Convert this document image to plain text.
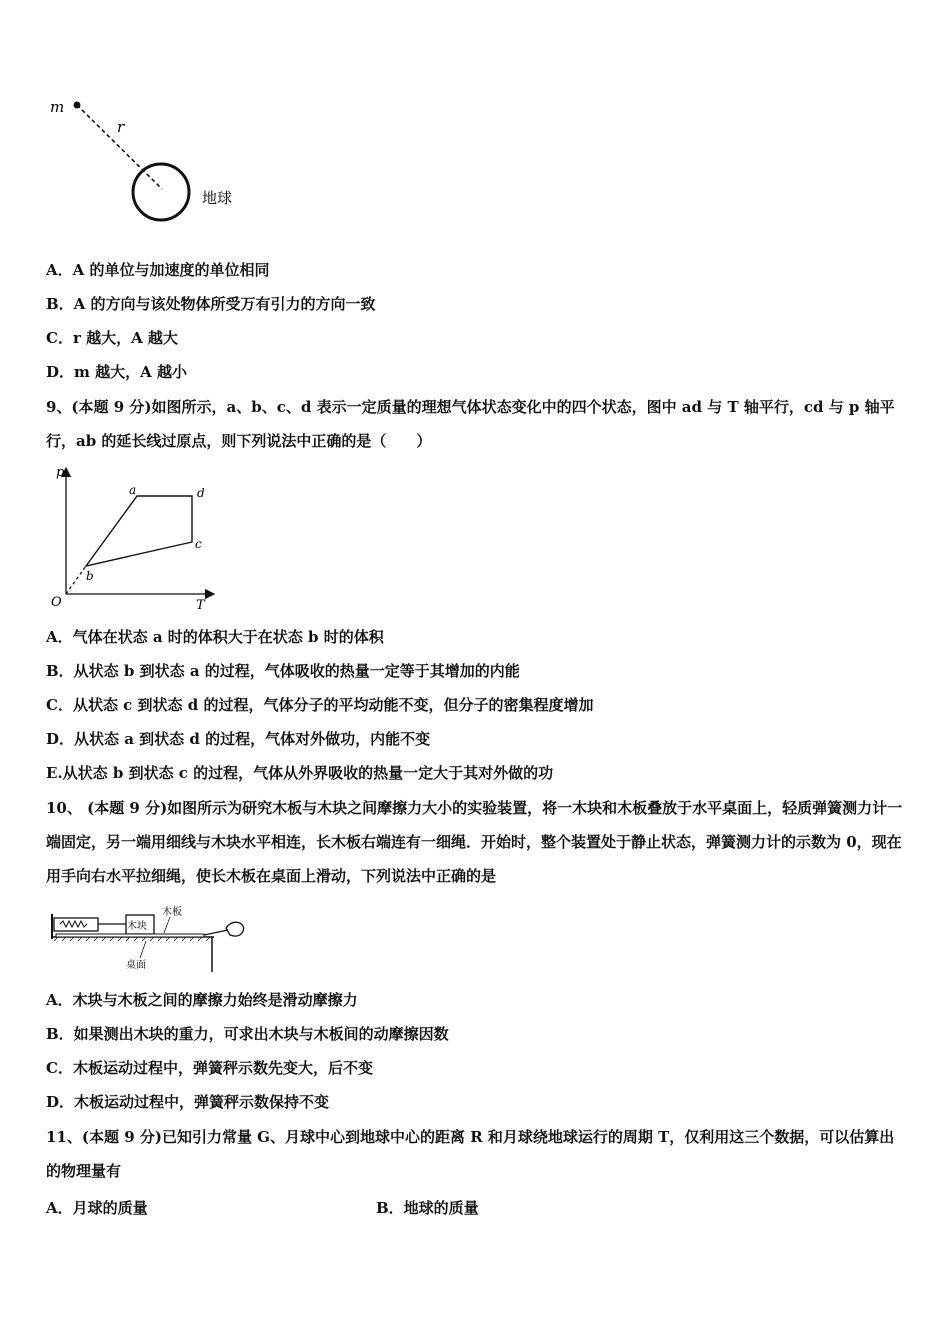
m
r
地球
A．A 的单位与加速度的单位相同
B．A 的方向与该处物体所受万有引力的方向一致
C．r 越大，A 越大
D．m 越大，A 越小
9、(本题 9 分)如图所示，a、b、c、d 表示一定质量的理想气体状态变化中的四个状态，图中 ad 与 T 轴平行，cd 与 p 轴平行，ab 的延长线过原点，则下列说法中正确的是（　　）
p
T
O
a
b
c
d
A．气体在状态 a 时的体积大于在状态 b 时的体积
B．从状态 b 到状态 a 的过程，气体吸收的热量一定等于其增加的内能
C．从状态 c 到状态 d 的过程，气体分子的平均动能不变，但分子的密集程度增加
D．从状态 a 到状态 d 的过程，气体对外做功，内能不变
E.从状态 b 到状态 c 的过程，气体从外界吸收的热量一定大于其对外做的功
10、 (本题 9 分)如图所示为研究木板与木块之间摩擦力大小的实验装置，将一木块和木板叠放于水平桌面上，轻质弹簧测力计一端固定，另一端用细线与木块水平相连，长木板右端连有一细绳．开始时，整个装置处于静止状态，弹簧测力计的示数为 0，现在用手向右水平拉细绳，使长木板在桌面上滑动，下列说法中正确的是
木块
木板
桌面
A．木块与木板之间的摩擦力始终是滑动摩擦力
B．如果测出木块的重力，可求出木块与木板间的动摩擦因数
C．木板运动过程中，弹簧秤示数先变大，后不变
D．木板运动过程中，弹簧秤示数保持不变
11、(本题 9 分)已知引力常量 G、月球中心到地球中心的距离 R 和月球绕地球运行的周期 T，仅利用这三个数据，可以估算出的物理量有
A．月球的质量	B．地球的质量
